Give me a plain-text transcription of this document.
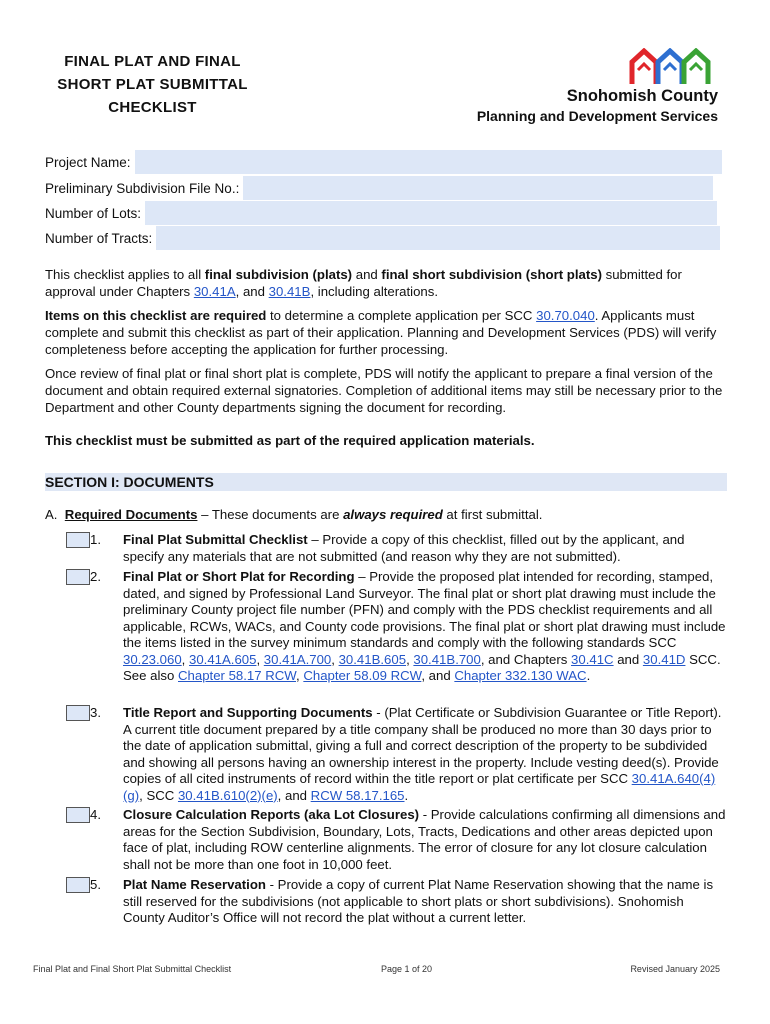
FINAL PLAT AND FINAL
SHORT PLAT SUBMITTAL
CHECKLIST
Snohomish County
Planning and Development Services
Project Name:
Preliminary Subdivision File No.:
Number of Lots:
Number of Tracts:

This checklist applies to all final subdivision (plats) and final short subdivision (short plats) submitted for approval under Chapters 30.41A, and 30.41B, including alterations.

Items on this checklist are required to determine a complete application per SCC 30.70.040. Applicants must complete and submit this checklist as part of their application. Planning and Development Services (PDS) will verify completeness before accepting the application for further processing.

Once review of final plat or final short plat is complete, PDS will notify the applicant to prepare a final version of the document and obtain required external signatories. Completion of additional items may still be necessary prior to the Department and other County departments signing the document for recording.

This checklist must be submitted as part of the required application materials.

SECTION I: DOCUMENTS
A. Required Documents – These documents are always required at first submittal.
1. Final Plat Submittal Checklist – Provide a copy of this checklist, filled out by the applicant, and specify any materials that are not submitted (and reason why they are not submitted).
2. Final Plat or Short Plat for Recording – Provide the proposed plat intended for recording, stamped, dated, and signed by Professional Land Surveyor. The final plat or short plat drawing must include the preliminary County project file number (PFN) and comply with the PDS checklist requirements and all applicable, RCWs, WACs, and County code provisions. The final plat or short plat drawing must include the items listed in the survey minimum standards and comply with the following standards SCC 30.23.060, 30.41A.605, 30.41A.700, 30.41B.605, 30.41B.700, and Chapters 30.41C and 30.41D SCC. See also Chapter 58.17 RCW, Chapter 58.09 RCW, and Chapter 332.130 WAC.
3. Title Report and Supporting Documents - (Plat Certificate or Subdivision Guarantee or Title Report). A current title document prepared by a title company shall be produced no more than 30 days prior to the date of application submittal, giving a full and correct description of the property to be subdivided and showing all persons having an ownership interest in the property. Include vesting deed(s). Provide copies of all cited instruments of record within the title report or plat certificate per SCC 30.41A.640(4)(g), SCC 30.41B.610(2)(e), and RCW 58.17.165.
4. Closure Calculation Reports (aka Lot Closures) - Provide calculations confirming all dimensions and areas for the Section Subdivision, Boundary, Lots, Tracts, Dedications and other areas depicted upon face of plat, including ROW centerline alignments. The error of closure for any lot closure calculation shall not be more than one foot in 10,000 feet.
5. Plat Name Reservation - Provide a copy of current Plat Name Reservation showing that the name is still reserved for the subdivisions (not applicable to short plats or short subdivisions). Snohomish County Auditor’s Office will not record the plat without a current letter.
Final Plat and Final Short Plat Submittal Checklist	Page 1 of 20	Revised January 2025
